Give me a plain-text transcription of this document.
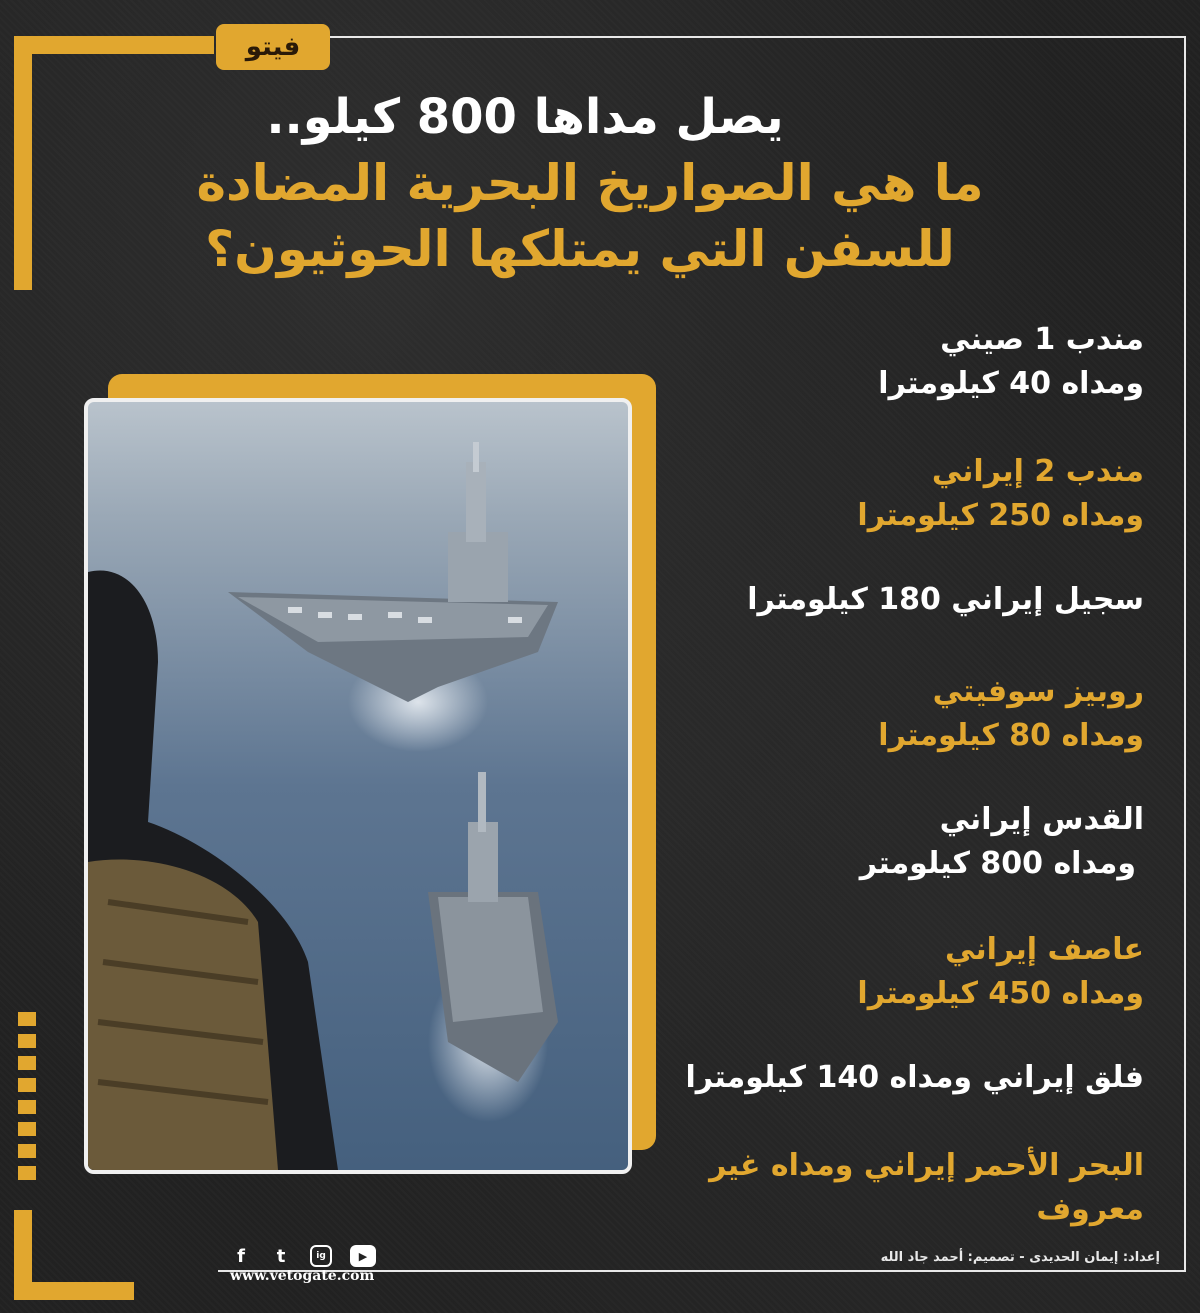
فيتو
يصل مداها 800 كيلو..
ما هي الصواريخ البحرية المضادة
للسفن التي يمتلكها الحوثيون؟
مندب 1 صيني
ومداه 40 كيلومترا
مندب 2 إيراني
ومداه 250 كيلومترا
سجيل إيراني 180 كيلومترا
روبيز سوفيتي
ومداه 80 كيلومترا
القدس إيراني
ومداه 800 كيلومتر
عاصف إيراني
ومداه 450 كيلومترا
فلق إيراني ومداه 140 كيلومترا
البحر الأحمر إيراني ومداه غير
معروف
f	t	ig	▶
www.vetogate.com
إعداد: إيمان الحديدى - تصميم: أحمد جاد الله
